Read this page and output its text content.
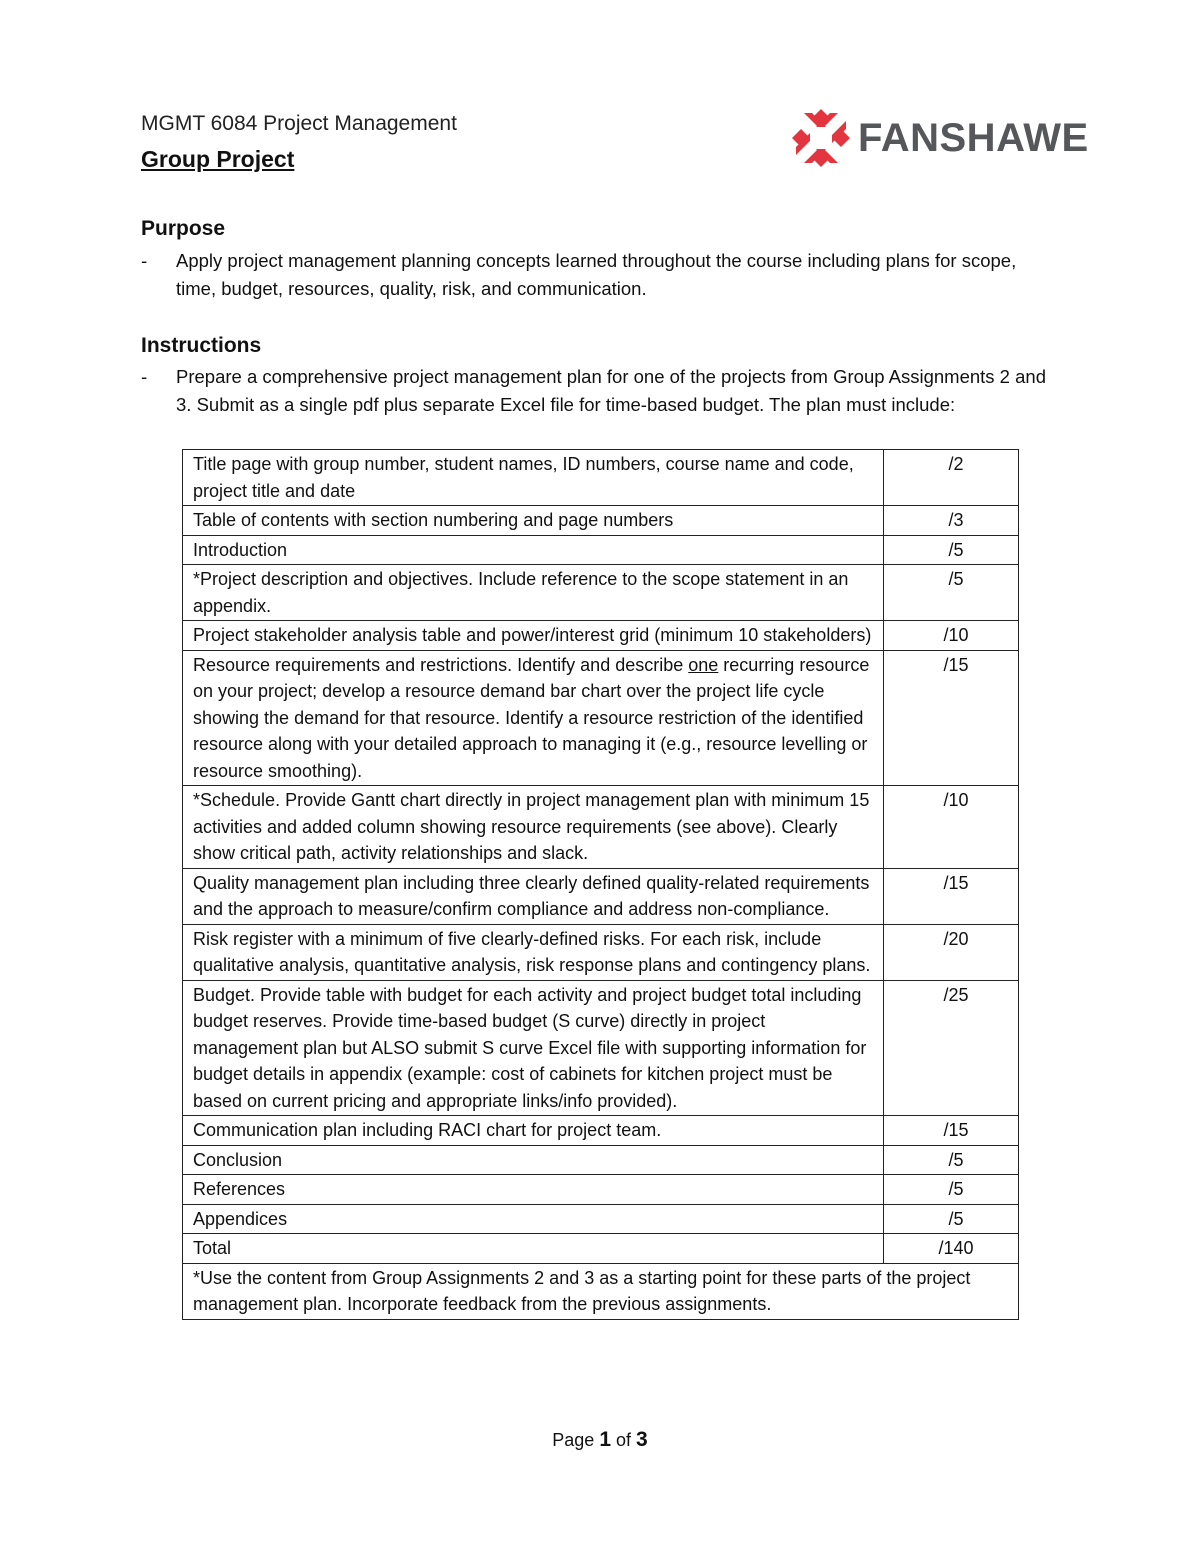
MGMT 6084 Project Management
Group Project	FANSHAWE
Purpose
- Apply project management planning concepts learned throughout the course including plans for scope, time, budget, resources, quality, risk, and communication.
Instructions
- Prepare a comprehensive project management plan for one of the projects from Group Assignments 2 and 3. Submit as a single pdf plus separate Excel file for time-based budget. The plan must include:
Title page with group number, student names, ID numbers, course name and code, project title and date	/2
Table of contents with section numbering and page numbers	/3
Introduction	/5
*Project description and objectives. Include reference to the scope statement in an appendix.	/5
Project stakeholder analysis table and power/interest grid (minimum 10 stakeholders)	/10
Resource requirements and restrictions. Identify and describe one recurring resource on your project; develop a resource demand bar chart over the project life cycle showing the demand for that resource. Identify a resource restriction of the identified resource along with your detailed approach to managing it (e.g., resource levelling or resource smoothing).	/15
*Schedule. Provide Gantt chart directly in project management plan with minimum 15 activities and added column showing resource requirements (see above). Clearly show critical path, activity relationships and slack.	/10
Quality management plan including three clearly defined quality-related requirements and the approach to measure/confirm compliance and address non-compliance.	/15
Risk register with a minimum of five clearly-defined risks. For each risk, include qualitative analysis, quantitative analysis, risk response plans and contingency plans.	/20
Budget. Provide table with budget for each activity and project budget total including budget reserves. Provide time-based budget (S curve) directly in project management plan but ALSO submit S curve Excel file with supporting information for budget details in appendix (example: cost of cabinets for kitchen project must be based on current pricing and appropriate links/info provided).	/25
Communication plan including RACI chart for project team.	/15
Conclusion	/5
References	/5
Appendices	/5
Total	/140
*Use the content from Group Assignments 2 and 3 as a starting point for these parts of the project management plan. Incorporate feedback from the previous assignments.	
Page 1 of 3
